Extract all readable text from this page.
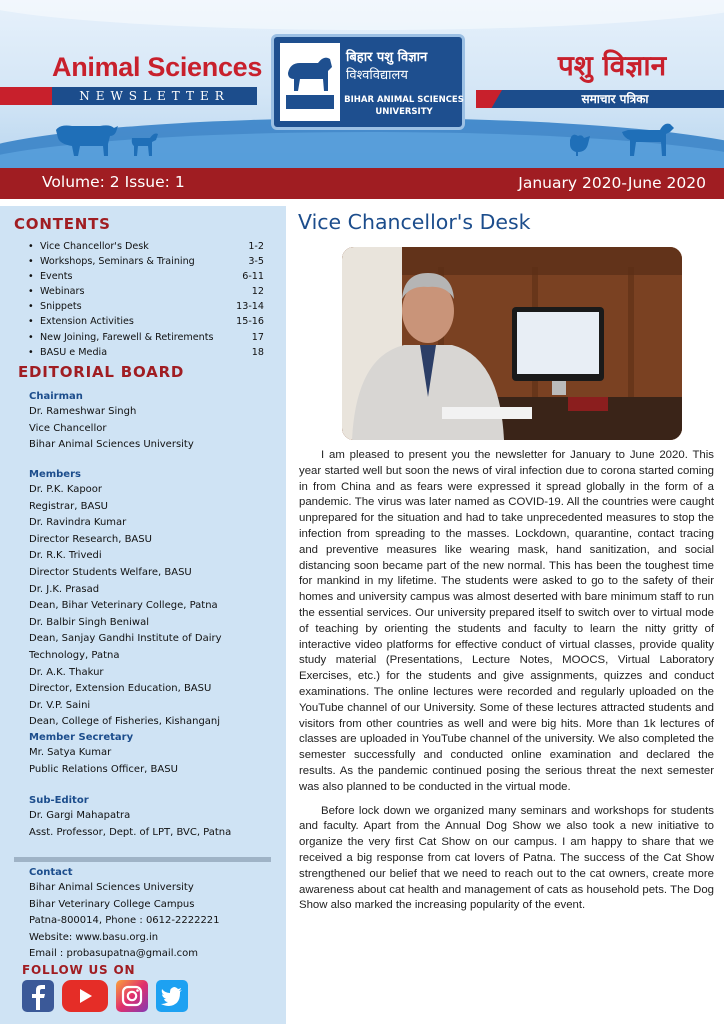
Animal Sciences
NEWSLETTER
बिहार पशु विज्ञान
विश्वविद्यालय
BIHAR ANIMAL SCIENCES
UNIVERSITY
पशु विज्ञान
समाचार पत्रिका
Volume: 2 Issue: 1	January 2020-June 2020
CONTENTS
• Vice Chancellor's Desk	1-2
• Workshops, Seminars & Training	3-5
• Events	6-11
• Webinars	12
• Snippets	13-14
• Extension Activities	15-16
• New Joining, Farewell & Retirements	17
• BASU e Media	18
EDITORIAL BOARD
Chairman
Dr. Rameshwar Singh
Vice Chancellor
Bihar Animal Sciences University
Members
Dr. P.K. Kapoor
Registrar, BASU
Dr. Ravindra Kumar
Director Research, BASU
Dr. R.K. Trivedi
Director Students Welfare, BASU
Dr. J.K. Prasad
Dean, Bihar Veterinary College, Patna
Dr. Balbir Singh Beniwal
Dean, Sanjay Gandhi Institute of Dairy
Technology, Patna
Dr. A.K. Thakur
Director, Extension Education, BASU
Dr. V.P. Saini
Dean, College of Fisheries, Kishanganj
Member Secretary
Mr. Satya Kumar
Public Relations Officer, BASU
Sub-Editor
Dr. Gargi Mahapatra
Asst. Professor, Dept. of LPT, BVC, Patna
Contact
Bihar Animal Sciences University
Bihar Veterinary College Campus
Patna-800014, Phone : 0612-2222221
Website: www.basu.org.in
Email : probasupatna@gmail.com
FOLLOW US ON
Vice Chancellor's Desk

I am pleased to present you the newsletter for January to June 2020. This year started well but soon the news of viral infection due to corona started coming in from China and as fears were expressed it spread globally in the form of a pandemic. The virus was later named as COVID-19. All the countries were caught unprepared for the situation and had to take unprecedented measures to stop the infection from spreading to the masses. Lockdown, quarantine, contact tracing and preventive measures like wearing mask, hand sanitization, and social distancing soon became part of the new normal. This has been the toughest time for mankind in my lifetime. The students were asked to go to the safety of their homes and university campus was almost deserted with bare minimum staff to run the essential services. Our university prepared itself to switch over to virtual mode of teaching by orienting the students and faculty to learn the nitty gritty of interactive video platforms for effective conduct of virtual classes, provide quality study material (Presentations, Lecture Notes, MOOCS, Virtual Laboratory Exercises, etc.) for the students and give assignments, quizzes and conduct examinations. The online lectures were recorded and regularly uploaded on the YouTube channel of our University. Some of these lectures attracted students and visitors from other countries as well and were big hits. More than 1k lectures of classes are uploaded in YouTube channel of the university. We also completed the semester successfully and conducted online examination and declared the results. As the pandemic continued posing the serious threat the next semester was also planned to be conducted in the virtual mode.

Before lock down we organized many seminars and workshops for students and faculty. Apart from the Annual Dog Show we also took a new initiative to organize the very first Cat Show on our campus. I am happy to share that we received a big response from cat lovers of Patna. The success of the Cat Show strengthened our belief that we need to reach out to the cat owners, create more awareness about cat health and management of cats as household pets. The Dog Show also marked the increasing popularity of the event.
